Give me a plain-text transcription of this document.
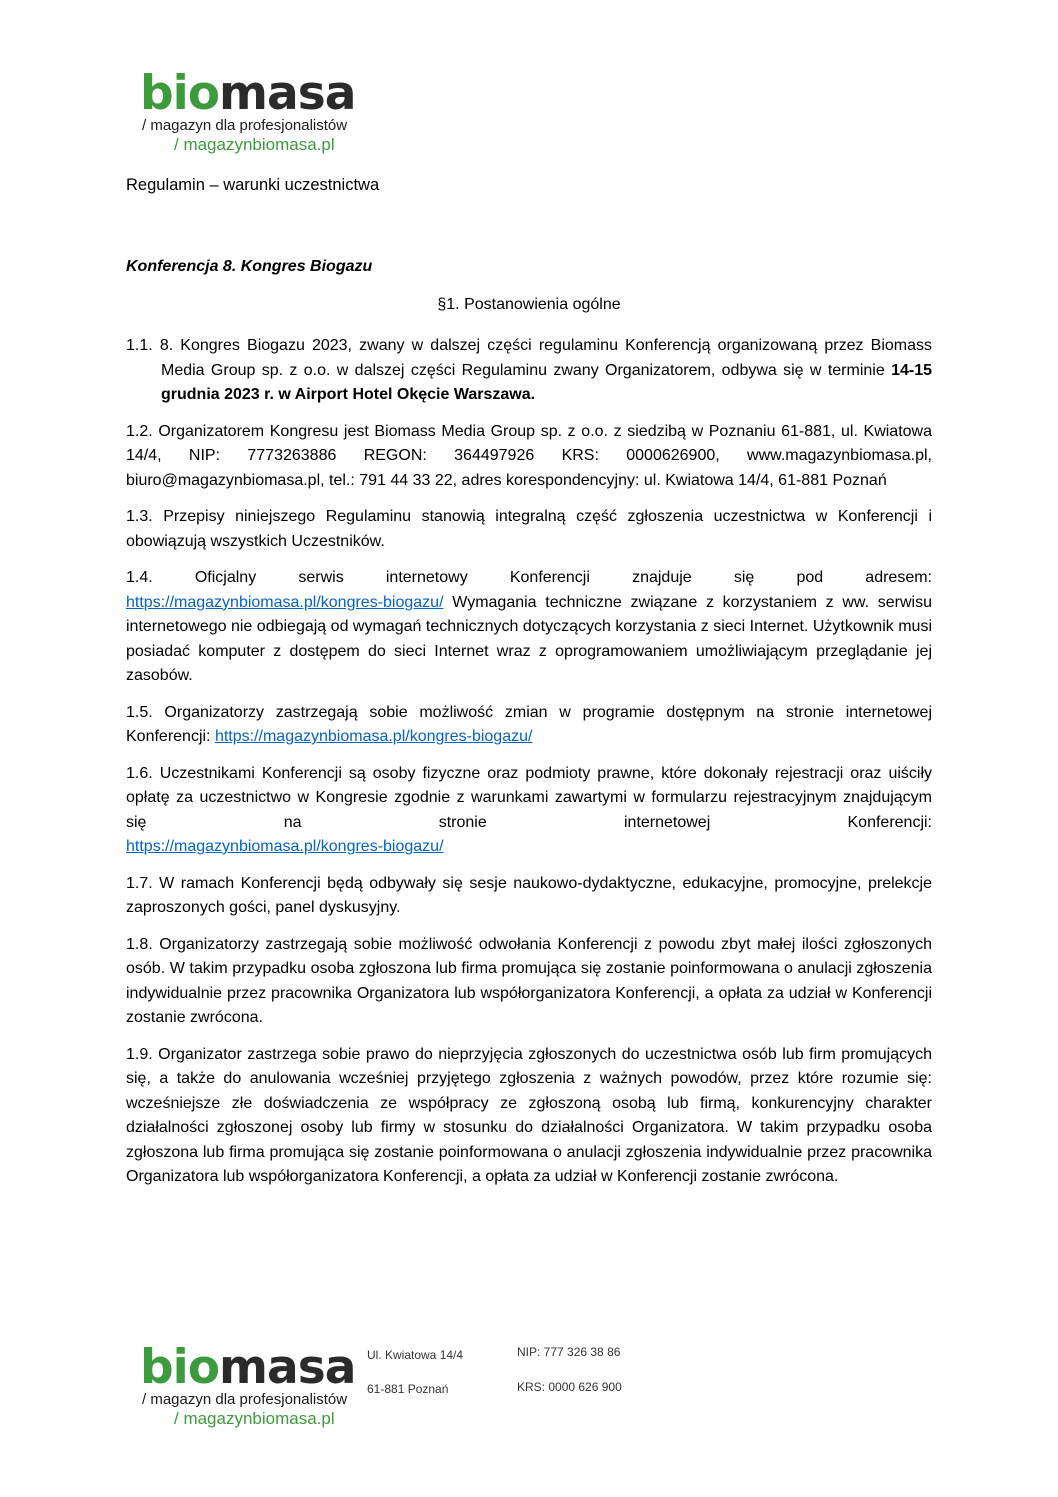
biomasa
/ magazyn dla profesjonalistów
/ magazynbiomasa.pl
Regulamin – warunki uczestnictwa
Konferencja 8. Kongres Biogazu
§1. Postanowienia ogólne

1.1. 8. Kongres Biogazu 2023, zwany w dalszej części regulaminu Konferencją organizowaną przez Biomass Media Group sp. z o.o. w dalszej części Regulaminu zwany Organizatorem, odbywa się w terminie 14-15 grudnia 2023 r. w Airport Hotel Okęcie Warszawa.

1.2. Organizatorem Kongresu jest Biomass Media Group sp. z o.o. z siedzibą w Poznaniu 61-881, ul. Kwiatowa 14/4, NIP: 7773263886 REGON: 364497926 KRS: 0000626900, www.magazynbiomasa.pl, biuro@magazynbiomasa.pl, tel.: 791 44 33 22, adres korespondencyjny: ul. Kwiatowa 14/4, 61-881 Poznań

1.3. Przepisy niniejszego Regulaminu stanowią integralną część zgłoszenia uczestnictwa w Konferencji i obowiązują wszystkich Uczestników.

1.4. Oficjalny serwis internetowy Konferencji znajduje się pod adresem:
https://magazynbiomasa.pl/kongres-biogazu/ Wymagania techniczne związane z korzystaniem z ww. serwisu internetowego nie odbiegają od wymagań technicznych dotyczących korzystania z sieci Internet. Użytkownik musi posiadać komputer z dostępem do sieci Internet wraz z oprogramowaniem umożliwiającym przeglądanie jej zasobów.

1.5. Organizatorzy zastrzegają sobie możliwość zmian w programie dostępnym na stronie internetowej Konferencji: https://magazynbiomasa.pl/kongres-biogazu/

1.6. Uczestnikami Konferencji są osoby fizyczne oraz podmioty prawne, które dokonały rejestracji oraz uiściły opłatę za uczestnictwo w Kongresie zgodnie z warunkami zawartymi w formularzu rejestracyjnym znajdującym się na stronie internetowej Konferencji:
https://magazynbiomasa.pl/kongres-biogazu/

1.7. W ramach Konferencji będą odbywały się sesje naukowo-dydaktyczne, edukacyjne, promocyjne, prelekcje zaproszonych gości, panel dyskusyjny.

1.8. Organizatorzy zastrzegają sobie możliwość odwołania Konferencji z powodu zbyt małej ilości zgłoszonych osób. W takim przypadku osoba zgłoszona lub firma promująca się zostanie poinformowana o anulacji zgłoszenia indywidualnie przez pracownika Organizatora lub współorganizatora Konferencji, a opłata za udział w Konferencji zostanie zwrócona.

1.9. Organizator zastrzega sobie prawo do nieprzyjęcia zgłoszonych do uczestnictwa osób lub firm promujących się, a także do anulowania wcześniej przyjętego zgłoszenia z ważnych powodów, przez które rozumie się: wcześniejsze złe doświadczenia ze współpracy ze zgłoszoną osobą lub firmą, konkurencyjny charakter działalności zgłoszonej osoby lub firmy w stosunku do działalności Organizatora. W takim przypadku osoba zgłoszona lub firma promująca się zostanie poinformowana o anulacji zgłoszenia indywidualnie przez pracownika Organizatora lub współorganizatora Konferencji, a opłata za udział w Konferencji zostanie zwrócona.

biomasa
/ magazyn dla profesjonalistów
/ magazynbiomasa.pl
Ul. Kwiatowa 14/4
61-881 Poznań
NIP: 777 326 38 86
KRS: 0000 626 900
